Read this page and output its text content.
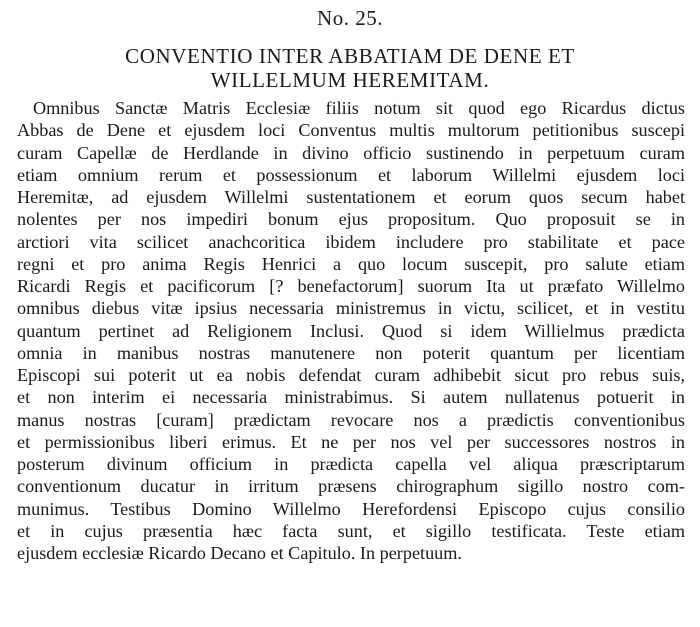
No. 25.
CONVENTIO INTER ABBATIAM DE DENE ET
WILLELMUM HEREMITAM.
Omnibus Sanctæ Matris Ecclesiæ filiis notum sit quod ego Ricardus dictus
Abbas de Dene et ejusdem loci Conventus multis multorum petitionibus suscepi
curam Capellæ de Herdlande in divino officio sustinendo in perpetuum curam
etiam omnium rerum et possessionum et laborum Willelmi ejusdem loci
Heremitæ, ad ejusdem Willelmi sustentationem et eorum quos secum habet
nolentes per nos impediri bonum ejus propositum. Quo proposuit se in
arctiori vita scilicet anachcoritica ibidem includere pro stabilitate et pace
regni et pro anima Regis Henrici a quo locum suscepit, pro salute etiam
Ricardi Regis et pacificorum [? benefactorum] suorum Ita ut præfato Willelmo
omnibus diebus vitæ ipsius necessaria ministremus in victu, scilicet, et in vestitu
quantum pertinet ad Religionem Inclusi. Quod si idem Willielmus prædicta
omnia in manibus nostras manutenere non poterit quantum per licentiam
Episcopi sui poterit ut ea nobis defendat curam adhibebit sicut pro rebus suis,
et non interim ei necessaria ministrabimus. Si autem nullatenus potuerit in
manus nostras [curam] prædictam revocare nos a prædictis conventionibus
et permissionibus liberi erimus. Et ne per nos vel per successores nostros in
posterum divinum officium in prædicta capella vel aliqua præscriptarum
conventionum ducatur in irritum præsens chirographum sigillo nostro com-
munimus. Testibus Domino Willelmo Herefordensi Episcopo cujus consilio
et in cujus præsentia hæc facta sunt, et sigillo testificata. Teste etiam
ejusdem ecclesiæ Ricardo Decano et Capitulo. In perpetuum.
